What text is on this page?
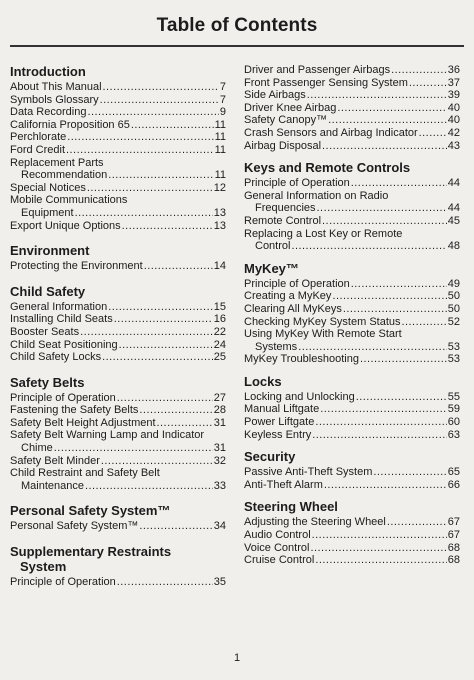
Table of Contents
Introduction
About This Manual . . .	7
Symbols Glossary . . .	7
Data Recording . . .	9
California Proposition 65 . . .	11
Perchlorate . . .	11
Ford Credit . . .	11
Replacement Parts
Recommendation . . .	11
Special Notices . . .	12
Mobile Communications
Equipment . . .	13
Export Unique Options . . .	13
Environment
Protecting the Environment . . .	14
Child Safety
General Information . . .	15
Installing Child Seats . . .	16
Booster Seats . . .	22
Child Seat Positioning . . .	24
Child Safety Locks . . .	25
Safety Belts
Principle of Operation . . .	27
Fastening the Safety Belts . . .	28
Safety Belt Height Adjustment . . .	31
Safety Belt Warning Lamp and Indicator
Chime . . .	31
Safety Belt Minder . . .	32
Child Restraint and Safety Belt
Maintenance . . .	33
Personal Safety System™
Personal Safety System™ . . .	34
Supplementary Restraints
System
Principle of Operation . . .	35
Driver and Passenger Airbags . . .	36
Front Passenger Sensing System . . .	37
Side Airbags . . .	39
Driver Knee Airbag . . .	40
Safety Canopy™ . . .	40
Crash Sensors and Airbag Indicator . . .	42
Airbag Disposal . . .	43
Keys and Remote Controls
Principle of Operation . . .	44
General Information on Radio
Frequencies . . .	44
Remote Control . . .	45
Replacing a Lost Key or Remote
Control . . .	48
MyKey™
Principle of Operation . . .	49
Creating a MyKey . . .	50
Clearing All MyKeys . . .	50
Checking MyKey System Status . . .	52
Using MyKey With Remote Start
Systems . . .	53
MyKey Troubleshooting . . .	53
Locks
Locking and Unlocking . . .	55
Manual Liftgate . . .	59
Power Liftgate . . .	60
Keyless Entry . . .	63
Security
Passive Anti-Theft System . . .	65
Anti-Theft Alarm . . .	66
Steering Wheel
Adjusting the Steering Wheel . . .	67
Audio Control . . .	67
Voice Control . . .	68
Cruise Control . . .	68
1
